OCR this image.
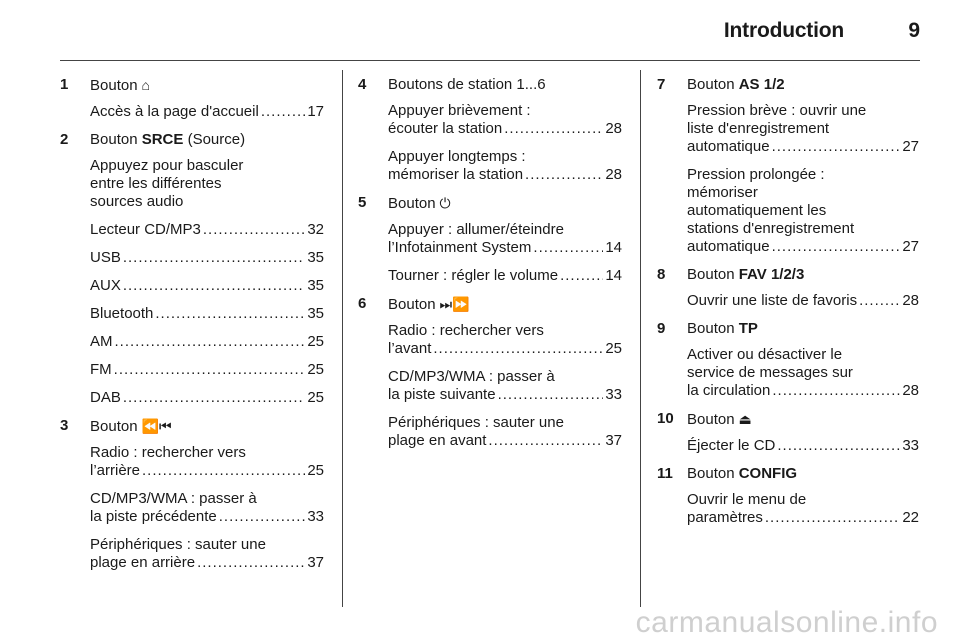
Introduction	9
1 Bouton ⌂
Accès à la page d'accueil .....	17
2 Bouton SRCE (Source)
Appuyez pour basculer
entre les différentes
sources audio
Lecteur CD/MP3 .....	32
USB .....	35
AUX .....	35
Bluetooth .....	35
AM .....	25
FM .....	25
DAB .....	25
3 Bouton ⏪⏮
Radio : rechercher vers
l’arrière .....	25
CD/MP3/WMA : passer à
la piste précédente .....	33
Périphériques : sauter une
plage en arrière .....	37
4 Boutons de station 1...6
Appuyer brièvement :
écouter la station .....	28
Appuyer longtemps :
mémoriser la station .....	28
5 Bouton ⏻
Appuyer : allumer/éteindre
l’Infotainment System .....	14
Tourner : régler le volume .....	14
6 Bouton ⏭⏩
Radio : rechercher vers
l’avant .....	25
CD/MP3/WMA : passer à
la piste suivante .....	33
Périphériques : sauter une
plage en avant .....	37
7 Bouton AS 1/2
Pression brève : ouvrir une
liste d'enregistrement
automatique .....	27
Pression prolongée :
mémoriser
automatiquement les
stations d'enregistrement
automatique .....	27
8 Bouton FAV 1/2/3
Ouvrir une liste de favoris .....	28
9 Bouton TP
Activer ou désactiver le
service de messages sur
la circulation .....	28
10 Bouton ⏏
Éjecter le CD .....	33
11 Bouton CONFIG
Ouvrir le menu de
paramètres .....	22
carmanualsonline.info
